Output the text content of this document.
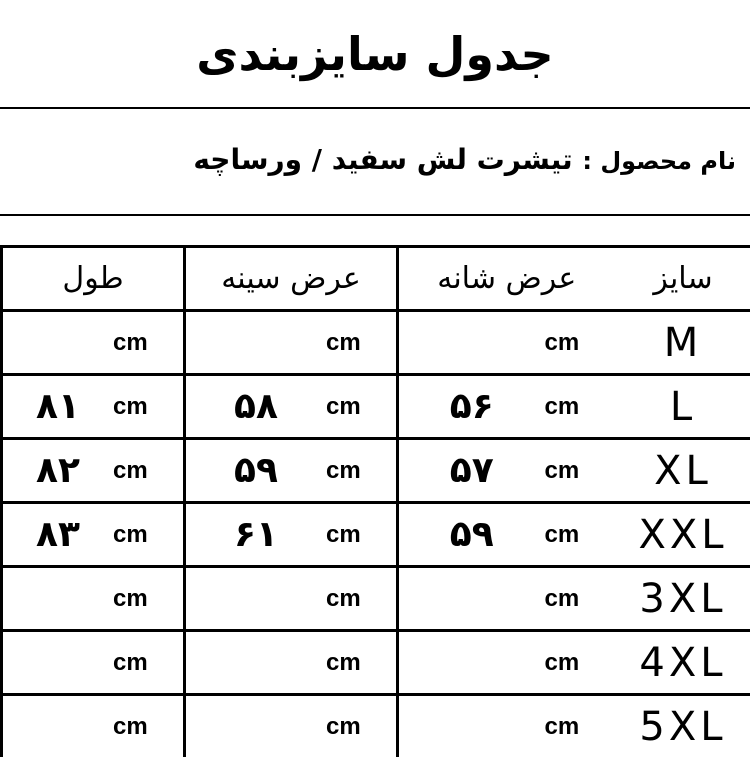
جدول سایزبندی
نام محصول : تیشرت لش سفید / ورساچه
طول	عرض سینه	عرض شانه	سایز

cm	cm	cm	M

۸۱ cm	۵۸ cm	۵۶ cm	L

۸۲ cm	۵۹ cm	۵۷ cm	XL

۸۳ cm	۶۱ cm	۵۹ cm	XXL

cm	cm	cm	3XL

cm	cm	cm	4XL

cm	cm	cm	5XL
